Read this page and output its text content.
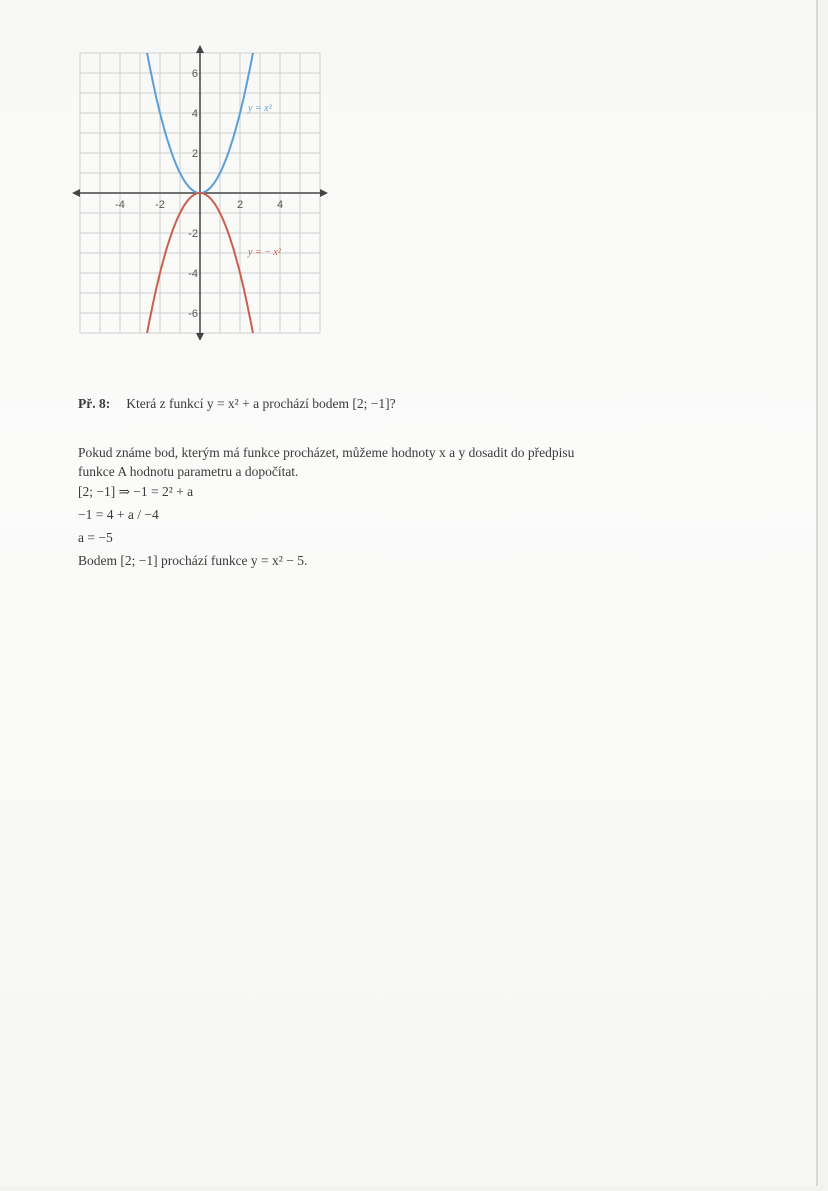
-4	-2	2	4
6
4
2
-2
-4
-6
y = x²
y = − x²
Př. 8: Která z funkcí y = x² + a prochází bodem [2; −1]?
Pokud známe bod, kterým má funkce procházet, můžeme hodnoty x a y dosadit do předpisu
funkce A hodnotu parametru a dopočítat.
[2; −1] ⇒ −1 = 2² + a
−1 = 4 + a / −4
a = −5
Bodem [2; −1] prochází funkce y = x² − 5.
